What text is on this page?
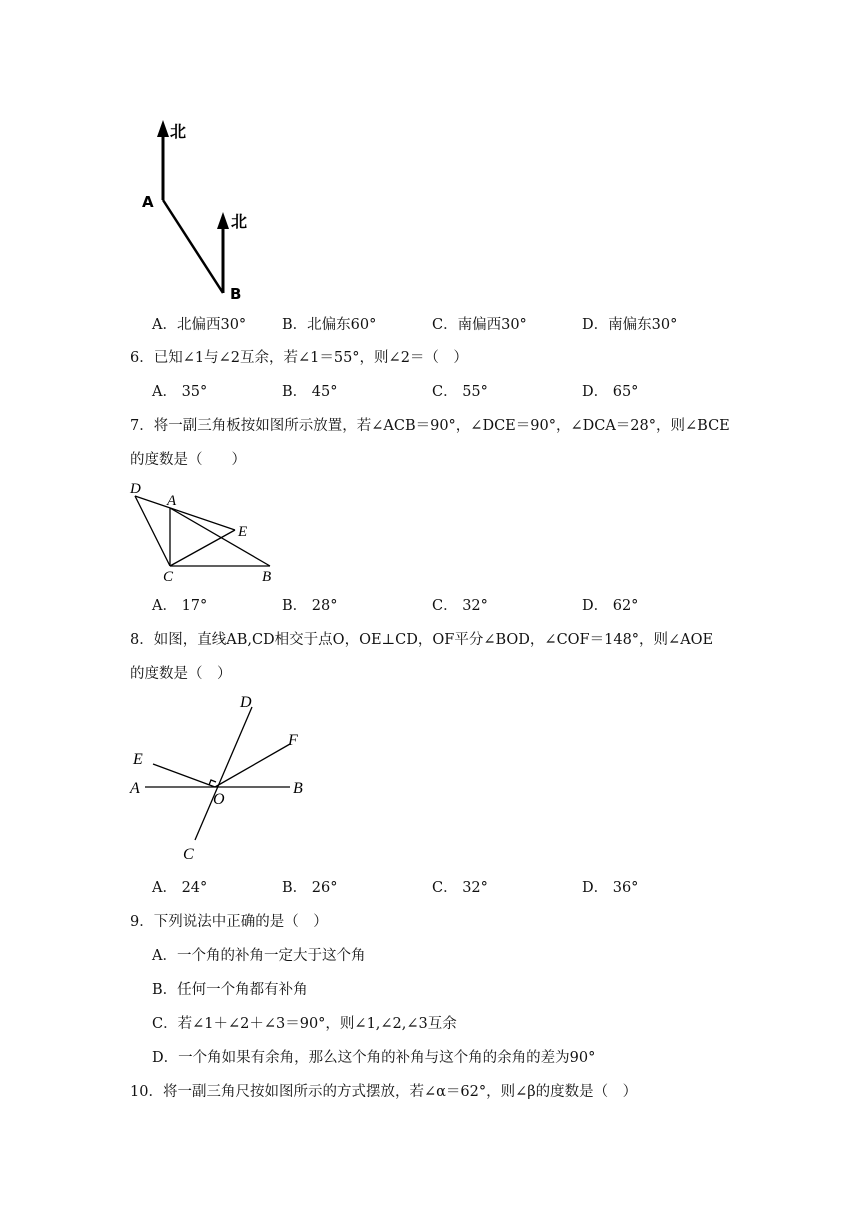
北
北
A
B
A．北偏西30° B．北偏东60°	C．南偏西30°	D．南偏东30°
6．已知∠1与∠2互余，若∠1＝55°，则∠2＝（　）
A． 35°	B． 45°	C． 55°	D． 65°
7．将一副三角板按如图所示放置，若∠ACB＝90°，∠DCE＝90°，∠DCA＝28°，则∠BCE
的度数是（　　）
D
A
E
C	B
A． 17°	B． 28°	C． 32°	D． 62°
8．如图，直线AB,CD相交于点O，OE⊥CD，OF平分∠BOD，∠COF＝148°，则∠AOE
的度数是（　）
D
F
E
A
O
B
C
A． 24°	B． 26°	C． 32°	D． 36°
9．下列说法中正确的是（　）
A．一个角的补角一定大于这个角
B．任何一个角都有补角
C．若∠1＋∠2＋∠3＝90°，则∠1,∠2,∠3互余
D．一个角如果有余角，那么这个角的补角与这个角的余角的差为90°
10．将一副三角尺按如图所示的方式摆放，若∠α＝62°，则∠β的度数是（　）
